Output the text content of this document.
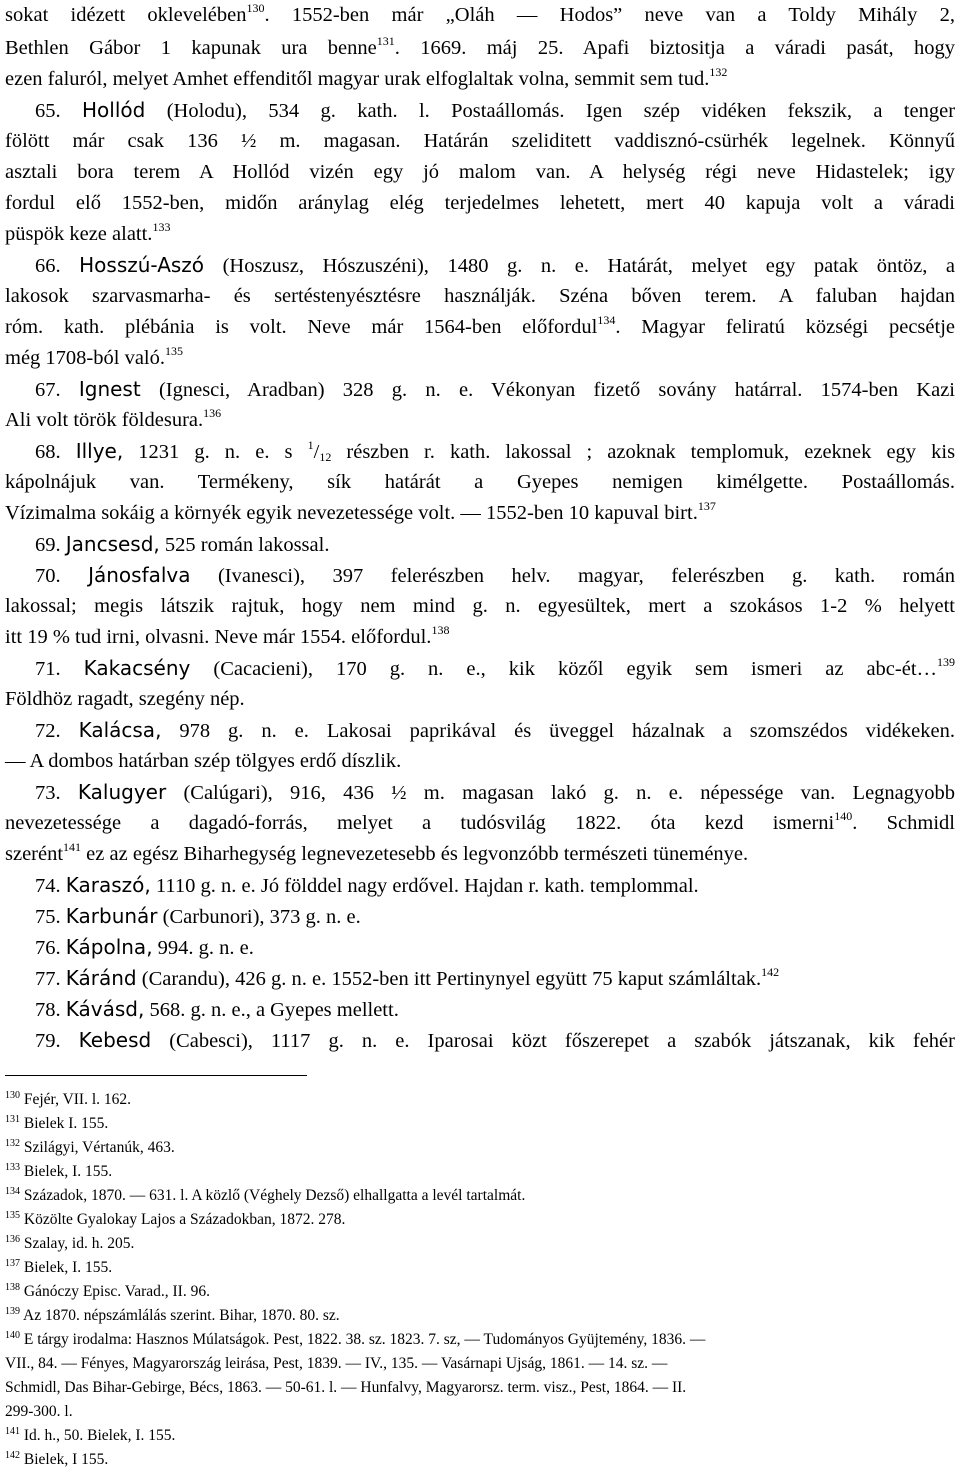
sokat idézett oklevelében$^{130}$. 1552-ben már „Oláh — Hodos” neve van a Toldy Mihály 2,
Bethlen Gábor 1 kapunak ura benne$^{131}$. 1669. máj 25. Apafi biztositja a váradi pasát, hogy
ezen faluról, melyet Amhet effenditől magyar urak elfoglaltak volna, semmit sem tud.$^{132}$
65. Hollód (Holodu), 534 g. kath. l. Postaállomás. Igen szép vidéken fekszik, a tenger
fölött már csak 136 ½ m. magasan. Határán szeliditett vaddisznó-csürhék legelnek. Könnyű
asztali bora terem A Hollód vizén egy jó malom van. A helység régi neve Hidastelek; igy
fordul elő 1552-ben, midőn aránylag elég terjedelmes lehetett, mert 40 kapuja volt a váradi
püspök keze alatt.$^{133}$
66. Hosszú-Aszó (Hoszusz, Hószuszéni), 1480 g. n. e. Határát, melyet egy patak öntöz, a
lakosok szarvasmarha- és sertéstenyésztésre használják. Széna bőven terem. A faluban hajdan
róm. kath. plébánia is volt. Neve már 1564-ben előfordul$^{134}$. Magyar feliratú községi pecsétje
még 1708-ból való.$^{135}$
67. Ignest (Ignesci, Aradban) 328 g. n. e. Vékonyan fizető sovány határral. 1574-ben Kazi
Ali volt török földesura.$^{136}$
68. Illye, 1231 g. n. e. s $^1/_{12}$ részben r. kath. lakossal ; azoknak templomuk, ezeknek egy kis
kápolnájuk van. Termékeny, sík határát a Gyepes nemigen kimélgette. Postaállomás.
Vízimalma sokáig a környék egyik nevezetessége volt. — 1552-ben 10 kapuval birt.$^{137}$
69. Jancsesd, 525 román lakossal.
70. Jánosfalva (Ivanesci), 397 felerészben helv. magyar, felerészben g. kath. román
lakossal; megis látszik rajtuk, hogy nem mind g. n. egyesültek, mert a szokásos 1-2 % helyett
itt 19 % tud irni, olvasni. Neve már 1554. előfordul.$^{138}$
71. Kakacsény (Cacacieni), 170 g. n. e., kik közől egyik sem ismeri az abc-ét…$^{139}$
Földhöz ragadt, szegény nép.
72. Kalácsa, 978 g. n. e. Lakosai paprikával és üveggel házalnak a szomszédos vidékeken.
— A dombos határban szép tölgyes erdő díszlik.
73. Kalugyer (Calúgari), 916, 436 ½ m. magasan lakó g. n. e. népessége van. Legnagyobb
nevezetessége a dagadó-forrás, melyet a tudósvilág 1822. óta kezd ismerni$^{140}$. Schmidl
szerént$^{141}$ ez az egész Biharhegység legnevezetesebb és legvonzóbb természeti tüneménye.
74. Karaszó, 1110 g. n. e. Jó földdel nagy erdővel. Hajdan r. kath. templommal.
75. Karbunár (Carbunori), 373 g. n. e.
76. Kápolna, 994. g. n. e.
77. Káránd (Carandu), 426 g. n. e. 1552-ben itt Pertinynyel együtt 75 kaput számláltak.$^{142}$
78. Kávásd, 568. g. n. e., a Gyepes mellett.
79. Kebesd (Cabesci), 1117 g. n. e. Iparosai közt főszerepet a szabók játszanak, kik fehér
$^{130}$ Fejér, VII. l. 162.
$^{131}$ Bielek I. 155.
$^{132}$ Szilágyi, Vértanúk, 463.
$^{133}$ Bielek, I. 155.
$^{134}$ Századok, 1870. — 631. l. A közlő (Véghely Dezső) elhallgatta a levél tartalmát.
$^{135}$ Közölte Gyalokay Lajos a Századokban, 1872. 278.
$^{136}$ Szalay, id. h. 205.
$^{137}$ Bielek, I. 155.
$^{138}$ Gánóczy Episc. Varad., II. 96.
$^{139}$ Az 1870. népszámlálás szerint. Bihar, 1870. 80. sz.
$^{140}$ E tárgy irodalma: Hasznos Múlatságok. Pest, 1822. 38. sz. 1823. 7. sz, — Tudományos Gyüjtemény, 1836. —
VII., 84. — Fényes, Magyarország leirása, Pest, 1839. — IV., 135. — Vasárnapi Ujság, 1861. — 14. sz. —
Schmidl, Das Bihar-Gebirge, Bécs, 1863. — 50-61. l. — Hunfalvy, Magyarorsz. term. visz., Pest, 1864. — II.
299-300. l.
$^{141}$ Id. h., 50. Bielek, I. 155.
$^{142}$ Bielek, I 155.
